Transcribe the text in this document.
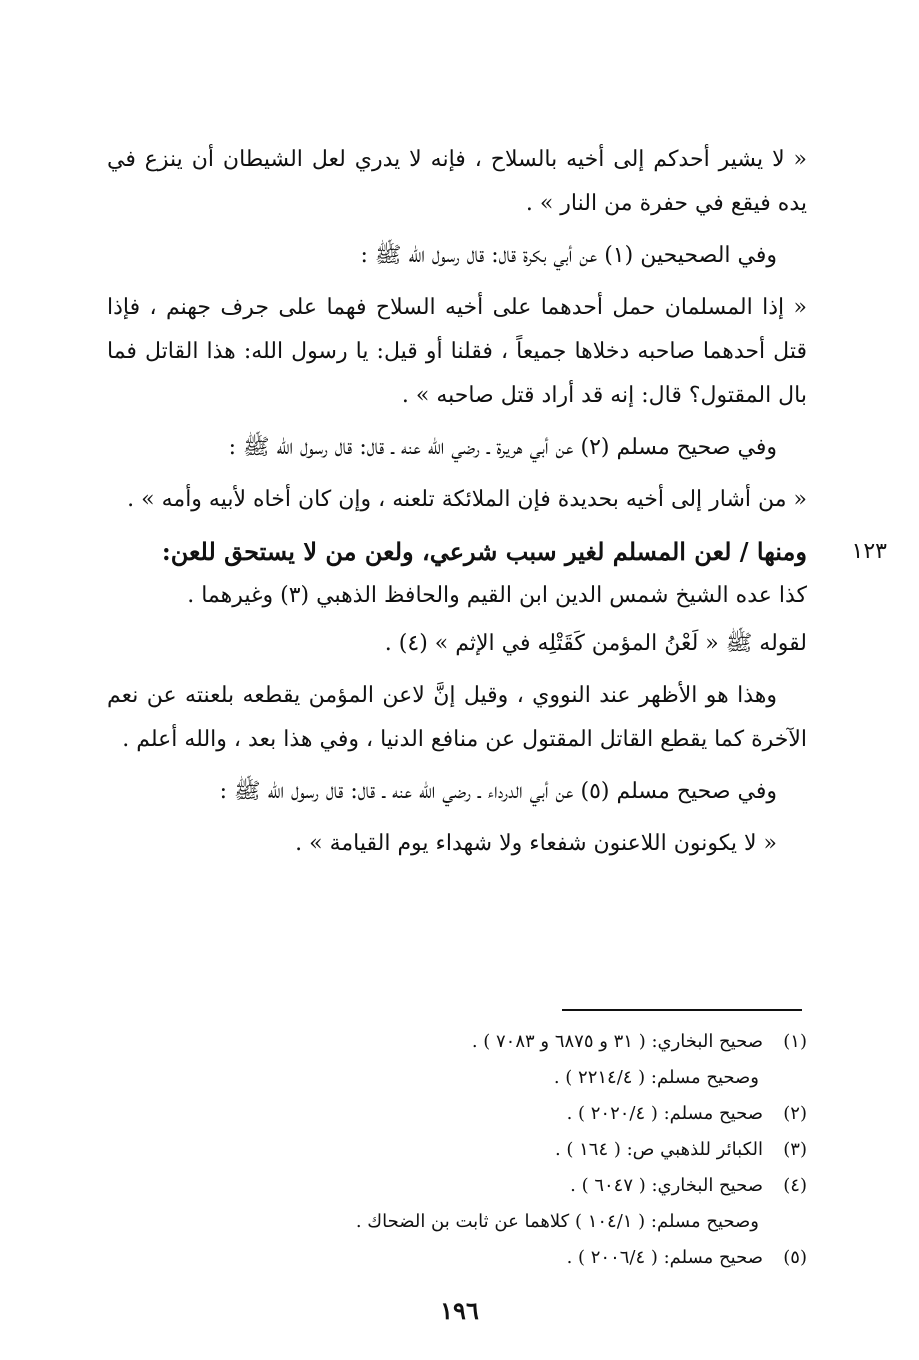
« لا يشير أحدكم إلى أخيه بالسلاح ، فإنه لا يدري لعل الشيطان أن ينزع في يده فيقع في حفرة من النار » .

وفي الصحيحين (١) عن أبي بكرة قال: قال رسول الله ﷺ :

« إذا المسلمان حمل أحدهما على أخيه السلاح فهما على جرف جهنم ، فإذا قتل أحدهما صاحبه دخلاها جميعاً ، فقلنا أو قيل: يا رسول الله: هذا القاتل فما بال المقتول؟ قال: إنه قد أراد قتل صاحبه » .

وفي صحيح مسلم (٢) عن أبي هريرة ـ رضي الله عنه ـ قال: قال رسول الله ﷺ :

« من أشار إلى أخيه بحديدة فإن الملائكة تلعنه ، وإن كان أخاه لأبيه وأمه » .

١٢٣
ومنها / لعن المسلم لغير سبب شرعي، ولعن من لا يستحق للعن:

كذا عده الشيخ شمس الدين ابن القيم والحافظ الذهبي (٣) وغيرهما .

لقوله ﷺ « لَعْنُ المؤمن كَقَتْلِه في الإثم » (٤) .

وهذا هو الأظهر عند النووي ، وقيل إنَّ لاعن المؤمن يقطعه بلعنته عن نعم الآخرة كما يقطع القاتل المقتول عن منافع الدنيا ، وفي هذا بعد ، والله أعلم .

وفي صحيح مسلم (٥) عن أبي الدرداء ـ رضي الله عنه ـ قال: قال رسول الله ﷺ :

« لا يكونون اللاعنون شفعاء ولا شهداء يوم القيامة » .

(١)صحيح البخاري: ( ٣١ و ٦٨٧٥ و ٧٠٨٣ ) .

وصحيح مسلم: ( ٢٢١٤/٤ ) .

(٢)صحيح مسلم: ( ٢٠٢٠/٤ ) .

(٣)الكبائر للذهبي ص: ( ١٦٤ ) .

(٤)صحيح البخاري: ( ٦٠٤٧ ) .

وصحيح مسلم: ( ١٠٤/١ ) كلاهما عن ثابت بن الضحاك .

(٥)صحيح مسلم: ( ٢٠٠٦/٤ ) .

١٩٦
